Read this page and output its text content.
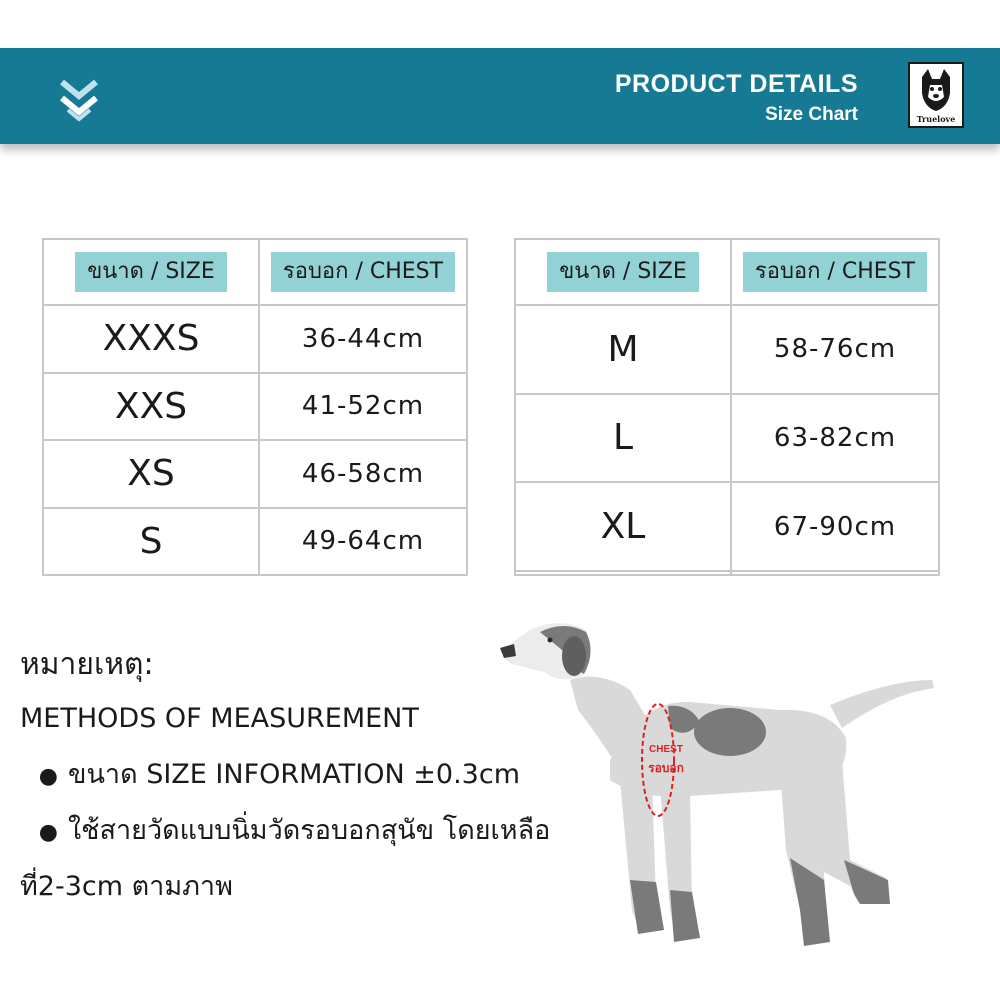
PRODUCT DETAILS
Size Chart	Truelove
ขนาด / SIZE	รอบอก / CHEST
XXXS	36-44cm
XXS	41-52cm
XS	46-58cm
S	49-64cm
ขนาด / SIZE	รอบอก / CHEST
M	58-76cm
L	63-82cm
XL	67-90cm

หมายเหตุ:
METHODS OF MEASUREMENT
● ขนาด SIZE INFORMATION ±0.3cm
● ใช้สายวัดแบบนิ่มวัดรอบอกสุนัข โดยเหลือ
ที่2-3cm ตามภาพ
CHEST
รอบอก
